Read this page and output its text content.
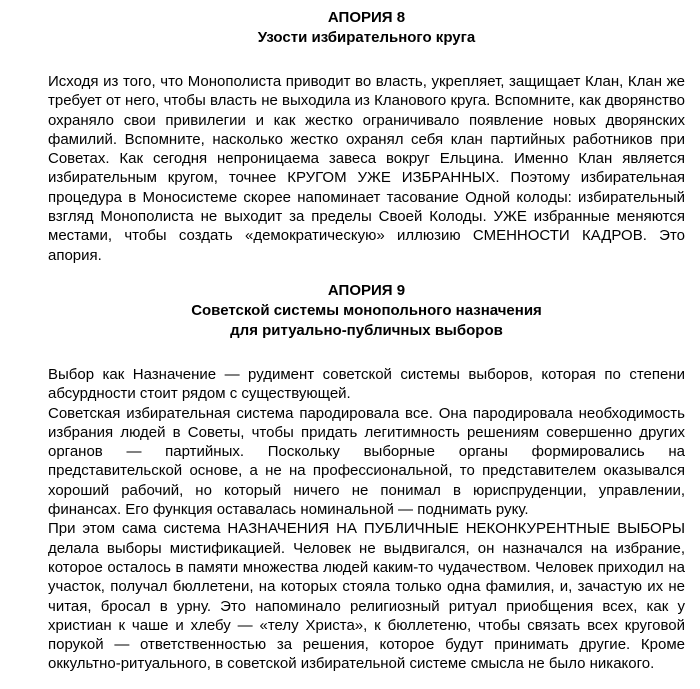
АПОРИЯ 8
Узости избирательного круга

Исходя из того, что Монополиста приводит во власть, укрепляет, защищает Клан, Клан же требует от него, чтобы власть не выходила из Кланового круга. Вспомните, как дворянство охраняло свои привилегии и как жестко ограничивало появление новых дворянских фамилий. Вспомните, насколько жестко охранял себя клан партийных работников при Советах. Как сегодня непроницаема завеса вокруг Ельцина. Именно Клан является избирательным кругом, точнее КРУГОМ УЖЕ ИЗБРАННЫХ. Поэтому избирательная процедура в Моносистеме скорее напоминает тасование Одной колоды: избирательный взгляд Монополиста не выходит за пределы Своей Колоды. УЖЕ избранные меняются местами, чтобы создать «демократическую» иллюзию СМЕННОСТИ КАДРОВ. Это апория.

АПОРИЯ 9
Советской системы монопольного назначения
для ритуально-публичных выборов

Выбор как Назначение — рудимент советской системы выборов, которая по степени абсурдности стоит рядом с существующей.

Советская избирательная система пародировала все. Она пародировала необходимость избрания людей в Советы, чтобы придать легитимность решениям совершенно других органов — партийных. Поскольку выборные органы формировались на представительской основе, а не на профессиональной, то представителем оказывался хороший рабочий, но который ничего не понимал в юриспруденции, управлении, финансах. Его функция оставалась номинальной — поднимать руку.

При этом сама система НАЗНАЧЕНИЯ НА ПУБЛИЧНЫЕ НЕКОНКУРЕНТНЫЕ ВЫБОРЫ делала выборы мистификацией. Человек не выдвигался, он назначался на избрание, которое осталось в памяти множества людей каким-то чудачеством. Человек приходил на участок, получал бюллетени, на которых стояла только одна фамилия, и, зачастую их не читая, бросал в урну. Это напоминало религиозный ритуал приобщения всех, как у христиан к чаше и хлебу — «телу Христа», к бюллетеню, чтобы связать всех круговой порукой — ответственностью за решения, которое будут принимать другие. Кроме оккультно-ритуального, в советской избирательной системе смысла не было никакого.
